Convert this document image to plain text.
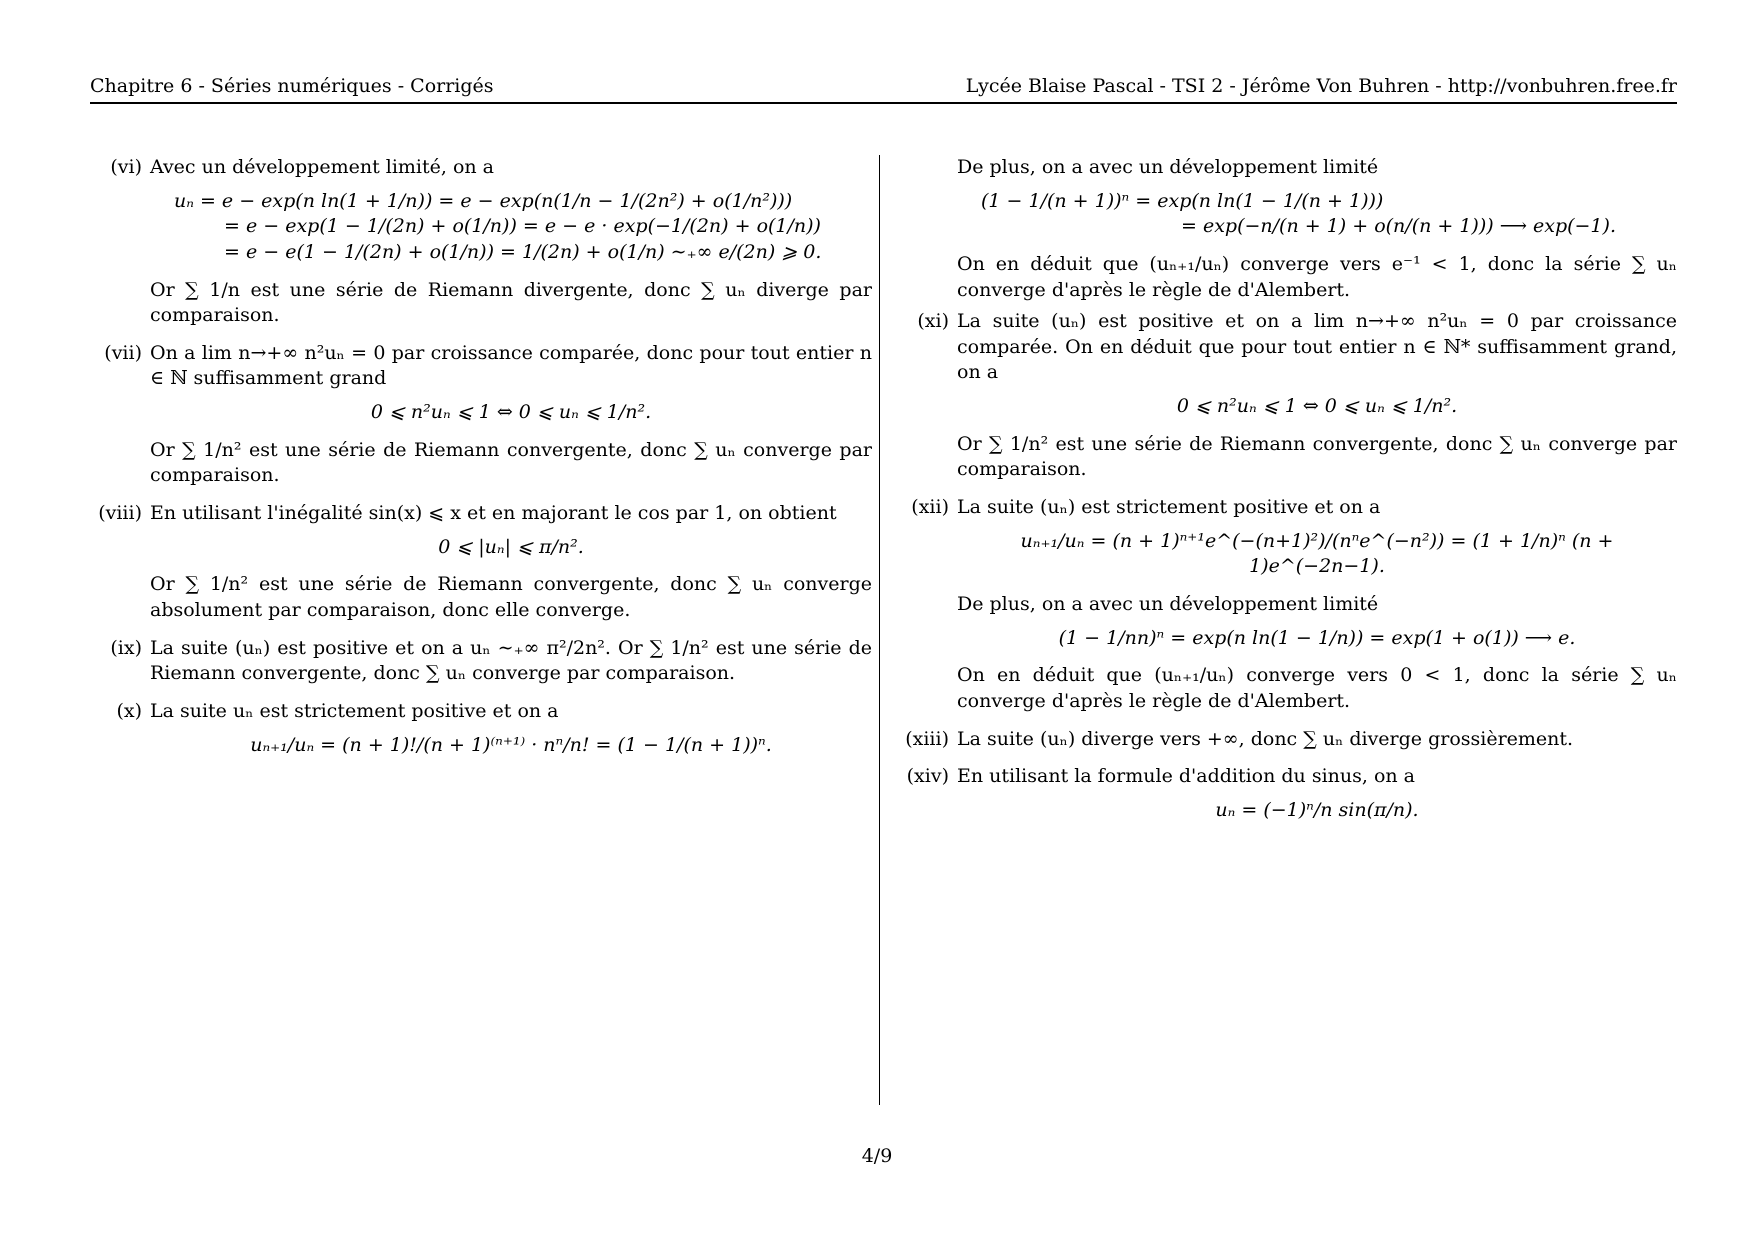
Chapitre 6 - Séries numériques - Corrigés	Lycée Blaise Pascal - TSI 2 - Jérôme Von Buhren - http://vonbuhren.free.fr
(vi) Avec un développement limité, on a

uₙ = e − exp(n ln(1 + 1/n)) = e − exp(n(1/n − 1/(2n²) + o(1/n²)))
= e − exp(1 − 1/(2n) + o(1/n)) = e − e · exp(−1/(2n) + o(1/n))
= e − e(1 − 1/(2n) + o(1/n)) = 1/(2n) + o(1/n) ∼₊∞ e/(2n) ⩾ 0.

Or ∑ 1/n est une série de Riemann divergente, donc ∑ uₙ diverge par comparaison.

(vii) On a lim n→+∞ n²uₙ = 0 par croissance comparée, donc pour tout entier n ∈ ℕ suffisamment grand

0 ⩽ n²uₙ ⩽ 1 ⇔ 0 ⩽ uₙ ⩽ 1/n².

Or ∑ 1/n² est une série de Riemann convergente, donc ∑ uₙ converge par comparaison.

(viii) En utilisant l'inégalité sin(x) ⩽ x et en majorant le cos par 1, on obtient

0 ⩽ |uₙ| ⩽ π/n².

Or ∑ 1/n² est une série de Riemann convergente, donc ∑ uₙ converge absolument par comparaison, donc elle converge.

(ix) La suite (uₙ) est positive et on a uₙ ∼₊∞ π²/2n². Or ∑ 1/n² est une série de Riemann convergente, donc ∑ uₙ converge par comparaison.

(x) La suite uₙ est strictement positive et on a

uₙ₊₁/uₙ = (n + 1)!/(n + 1)⁽ⁿ⁺¹⁾ · nⁿ/n! = (1 − 1/(n + 1))ⁿ.

De plus, on a avec un développement limité

(1 − 1/(n + 1))ⁿ = exp(n ln(1 − 1/(n + 1)))
= exp(−n/(n + 1) + o(n/(n + 1))) ⟶ exp(−1).

On en déduit que (uₙ₊₁/uₙ) converge vers e⁻¹ < 1, donc la série ∑ uₙ converge d'après le règle de d'Alembert.

(xi) La suite (uₙ) est positive et on a lim n→+∞ n²uₙ = 0 par croissance comparée. On en déduit que pour tout entier n ∈ ℕ* suffisamment grand, on a

0 ⩽ n²uₙ ⩽ 1 ⇔ 0 ⩽ uₙ ⩽ 1/n².

Or ∑ 1/n² est une série de Riemann convergente, donc ∑ uₙ converge par comparaison.

(xii) La suite (uₙ) est strictement positive et on a

uₙ₊₁/uₙ = (n + 1)ⁿ⁺¹e^(−(n+1)²)/(nⁿe^(−n²)) = (1 + 1/n)ⁿ (n + 1)e^(−2n−1).

De plus, on a avec un développement limité

(1 − 1/nn)ⁿ = exp(n ln(1 − 1/n)) = exp(1 + o(1)) ⟶ e.

On en déduit que (uₙ₊₁/uₙ) converge vers 0 < 1, donc la série ∑ uₙ converge d'après le règle de d'Alembert.

(xiii) La suite (uₙ) diverge vers +∞, donc ∑ uₙ diverge grossièrement.

(xiv) En utilisant la formule d'addition du sinus, on a

uₙ = (−1)ⁿ/n sin(π/n).
4/9
